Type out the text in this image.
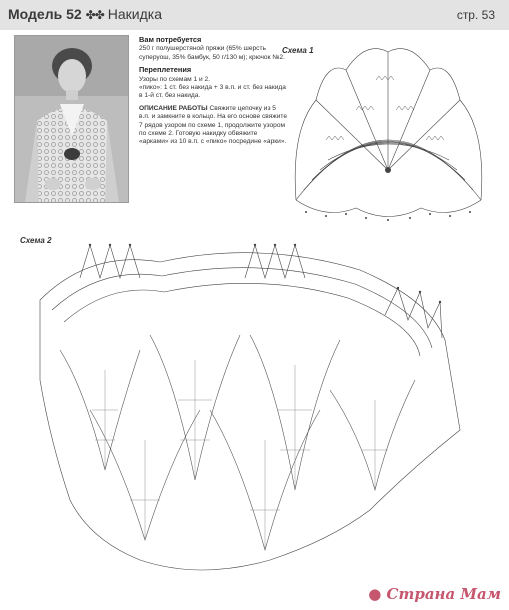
Модель 52 ✤✤ Накидка	стр. 53
Вам потребуется

250 г полушерстяной пряжи (65% шерсть суперуош, 35% бамбук, 50 г/130 м); крючок №2.

Переплетения

Узоры по схемам 1 и 2.
«пико»: 1 ст. без накида + 3 в.п. и ст. без накида в 1-й ст. без накида.

ОПИСАНИЕ РАБОТЫ Свяжите цепочку из 5 в.п. и замкните в кольцо. На его основе свяжите 7 рядов узором по схеме 1, продолжите узором по схеме 2. Готовую накидку обвяжите «арками» из 10 в.п. с «пико» посредине «арки».

Схема 1
Схема 2
● Страна Мам
